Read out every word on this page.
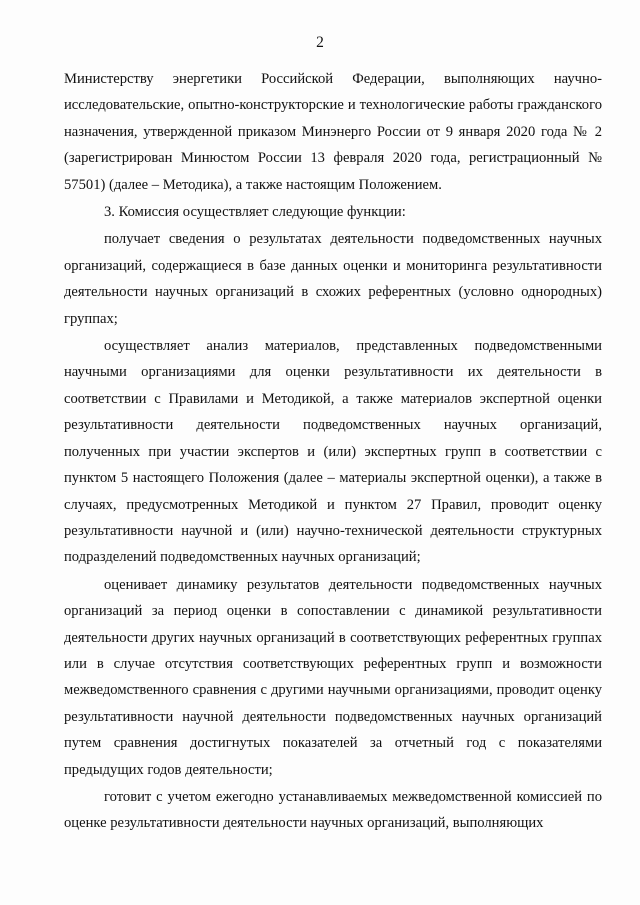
2

Министерству энергетики Российской Федерации, выполняющих научно-исследовательские, опытно-конструкторские и технологические работы гражданского назначения, утвержденной приказом Минэнерго России от 9 января 2020 года № 2 (зарегистрирован Минюстом России 13 февраля 2020 года, регистрационный № 57501) (далее – Методика), а также настоящим Положением.

3. Комиссия осуществляет следующие функции:

получает сведения о результатах деятельности подведомственных научных организаций, содержащиеся в базе данных оценки и мониторинга результативности деятельности научных организаций в схожих референтных (условно однородных) группах;

осуществляет анализ материалов, представленных подведомственными научными организациями для оценки результативности их деятельности в соответствии с Правилами и Методикой, а также материалов экспертной оценки результативности деятельности подведомственных научных организаций, полученных при участии экспертов и (или) экспертных групп в соответствии с пунктом 5 настоящего Положения (далее – материалы экспертной оценки), а также в случаях, предусмотренных Методикой и пунктом 27 Правил, проводит оценку результативности научной и (или) научно-технической деятельности структурных подразделений подведомственных научных организаций;

оценивает динамику результатов деятельности подведомственных научных организаций за период оценки в сопоставлении с динамикой результативности деятельности других научных организаций в соответствующих референтных группах или в случае отсутствия соответствующих референтных групп и возможности межведомственного сравнения с другими научными организациями, проводит оценку результативности научной деятельности подведомственных научных организаций путем сравнения достигнутых показателей за отчетный год с показателями предыдущих годов деятельности;

готовит с учетом ежегодно устанавливаемых межведомственной комиссией по оценке результативности деятельности научных организаций, выполняющих
